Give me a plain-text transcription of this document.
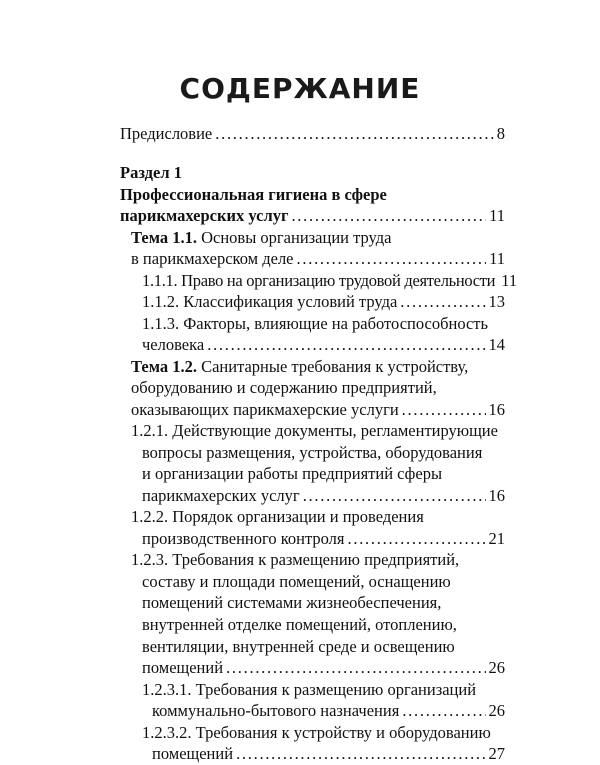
СОДЕРЖАНИЕ
Предисловие . . .	8
Раздел 1
Профессиональная гигиена в сфере
парикмахерских услуг . . .	11
Тема 1.1. Основы организации труда
в парикмахерском деле . . .	11
1.1.1. Право на организацию трудовой деятельности 11
1.1.2. Классификация условий труда . . .	13
1.1.3. Факторы, влияющие на работоспособность
человека . . .	14
Тема 1.2. Санитарные требования к устройству,
оборудованию и содержанию предприятий,
оказывающих парикмахерские услуги . . .	16
1.2.1. Действующие документы, регламентирующие
вопросы размещения, устройства, оборудования
и организации работы предприятий сферы
парикмахерских услуг . . .	16
1.2.2. Порядок организации и проведения
производственного контроля . . .	21
1.2.3. Требования к размещению предприятий,
составу и площади помещений, оснащению
помещений системами жизнеобеспечения,
внутренней отделке помещений, отоплению,
вентиляции, внутренней среде и освещению
помещений . . .	26
1.2.3.1. Требования к размещению организаций
коммунально-бытового назначения . . .	26
1.2.3.2. Требования к устройству и оборудованию
помещений . . .	27
